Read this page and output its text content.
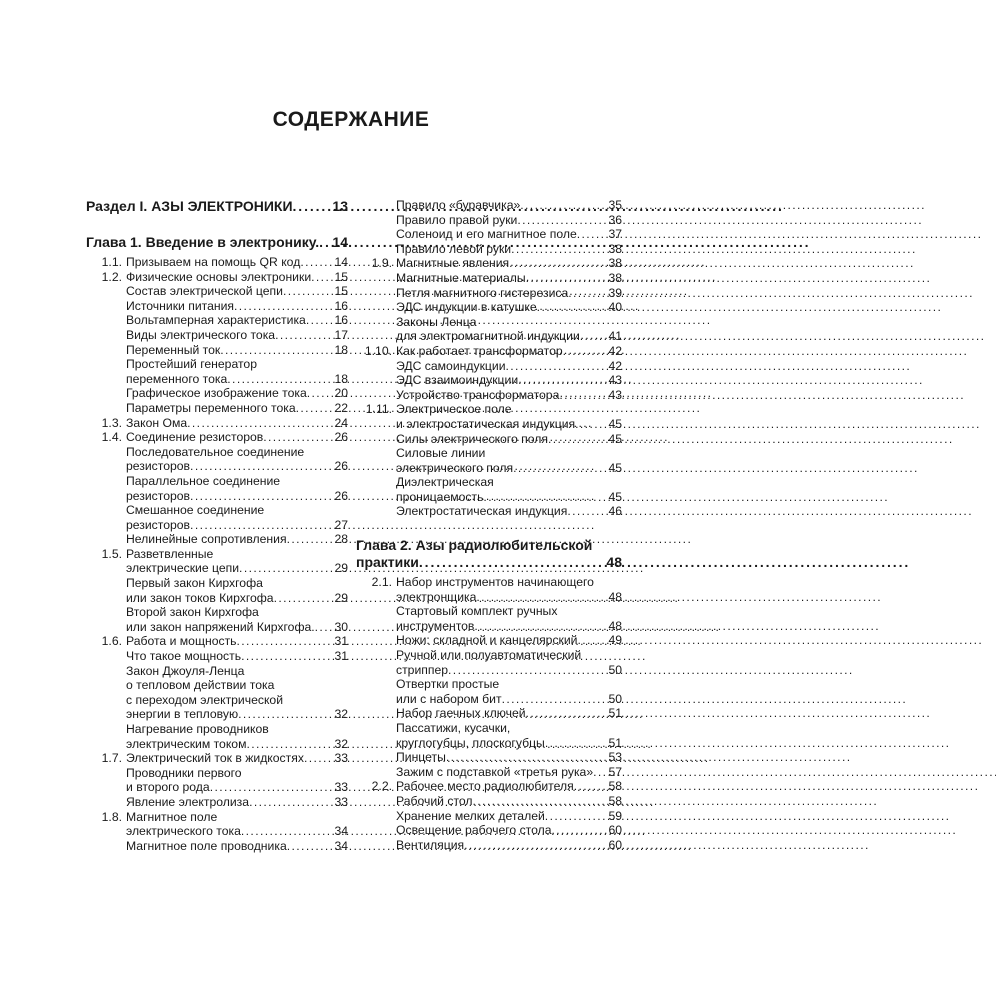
СОДЕРЖАНИЕ
Раздел I. АЗЫ ЭЛЕКТРОНИКИ . . .	13
Глава 1. Введение в электронику. . . . 14
1.1. Призываем на помощь QR код . . .	14
1.2. Физические основы электроники . . . 15
Состав электрической цепи . . .	15
Источники питания . . .	16
Вольтамперная характеристика . . . 16
Виды электрического тока . . .	17
Переменный ток . . .	18
Простейший генератор
переменного тока . . .	18
Графическое изображение тока . . . 20
Параметры переменного тока . . .	22
1.3. Закон Ома . . .	24
1.4. Соединение резисторов . . .	26
Последовательное соединение
резисторов . . .	26
Параллельное соединение
резисторов . . .	26
Смешанное соединение
резисторов . . .	27
Нелинейные сопротивления . . .	28
1.5. Разветвленные
электрические цепи . . .	29
Первый закон Кирхгофа
или закон токов Кирхгофа . . .	29
Второй закон Кирхгофа
или закон напряжений Кирхгофа. . . . 30
1.6. Работа и мощность . . .	31
Что такое мощность . . .	31
Закон Джоуля-Ленца
о тепловом действии тока
с переходом электрической
энергии в тепловую . . .	32
Нагревание проводников
электрическим током . . .	32
1.7. Электрический ток в жидкостях . . .	33
Проводники первого
и второго рода . . .	33
Явление электролиза . . .	33
1.8. Магнитное поле
электрического тока . . .	34
Магнитное поле проводника . . .	34
Правило «буравчика» . . .	35
Правило правой руки . . .	36
Соленоид и его магнитное поле . . .	37
Правило левой руки . . .	38
1.9. Магнитные явления . . .	38
Магнитные материалы . . .	38
Петля магнитного гистерезиса . . .	39
ЭДС индукции в катушке . . .	40
Законы Ленца
для электромагнитной индукции . . . 41
1.10. Как работает трансформатор . . .	42
ЭДС самоиндукции . . .	42
ЭДС взаимоиндукции . . .	43
Устройство трансформатора . . .	43
1.11. Электрическое поле
и электростатическая индукция . . .	45
Силы электрического поля . . .	45
Силовые линии
электрического поля . . .	45
Диэлектрическая
проницаемость . . .	45
Электростатическая индукция . . .	46
Глава 2. Азы радиолюбительской
практики . . .	48
2.1. Набор инструментов начинающего
электронщика . . .	48
Стартовый комплект ручных
инструментов . . .	48
Ножи: складной и канцелярский . . .	49
Ручной или полуавтоматический
стриппер . . .	50
Отвертки простые
или с набором бит . . .	50
Набор гаечных ключей . . .	51
Пассатижи, кусачки,
круглогубцы, плоскогубцы . . .	51
Пинцеты . . .	53
Зажим с подставкой «третья рука» . . . 57
2.2. Рабочее место радиолюбителя . . .	58
Рабочий стол . . .	58
Хранение мелких деталей . . .	59
Освещение рабочего стола . . .	60
Вентиляция . . .	60
